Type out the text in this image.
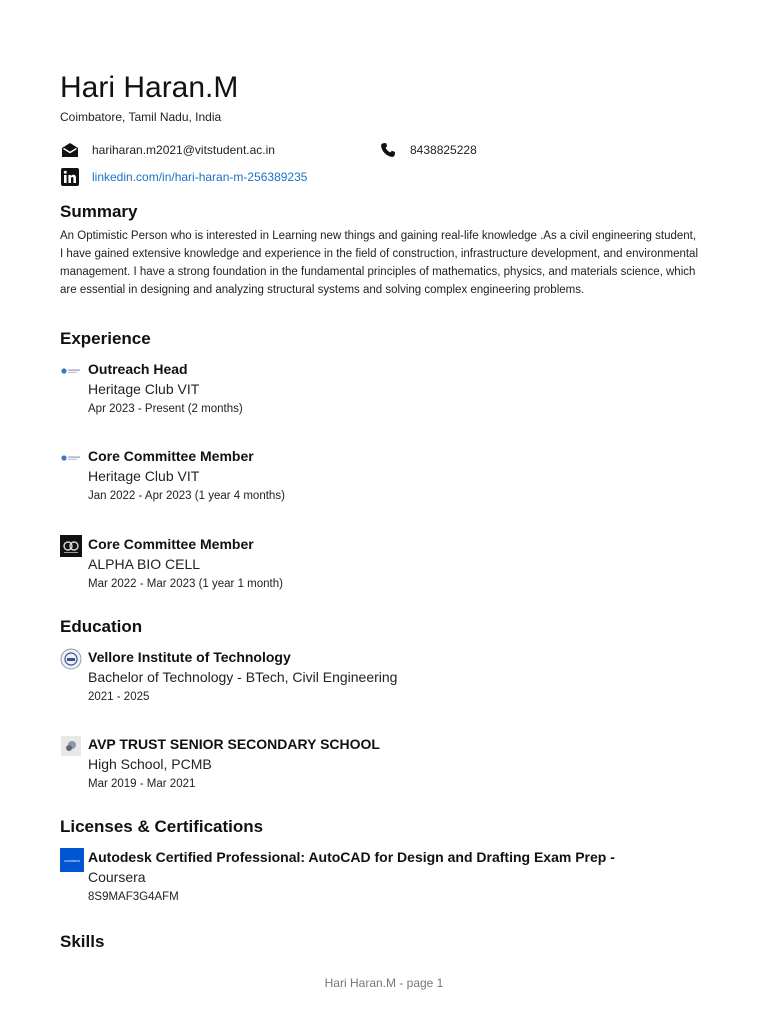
Hari Haran.M
Coimbatore, Tamil Nadu, India
hariharan.m2021@vitstudent.ac.in	8438825228
linkedin.com/in/hari-haran-m-256389235
Summary
An Optimistic Person who is interested in Learning new things and gaining real-life knowledge .As a civil engineering student, I have gained extensive knowledge and experience in the field of construction, infrastructure development, and environmental management. I have a strong foundation in the fundamental principles of mathematics, physics, and materials science, which are essential in designing and analyzing structural systems and solving complex engineering problems.
Experience
Outreach Head
Heritage Club VIT
Apr 2023 - Present (2 months)
Core Committee Member
Heritage Club VIT
Jan 2022 - Apr 2023 (1 year 4 months)
Core Committee Member
ALPHA BIO CELL
Mar 2022 - Mar 2023 (1 year 1 month)
Education
Vellore Institute of Technology
Bachelor of Technology - BTech, Civil Engineering
2021 - 2025
AVP TRUST SENIOR SECONDARY SCHOOL
High School, PCMB
Mar 2019 - Mar 2021
Licenses & Certifications
coursera Autodesk Certified Professional: AutoCAD for Design and Drafting Exam Prep -
Coursera
8S9MAF3G4AFM
Skills
Hari Haran.M - page 1
